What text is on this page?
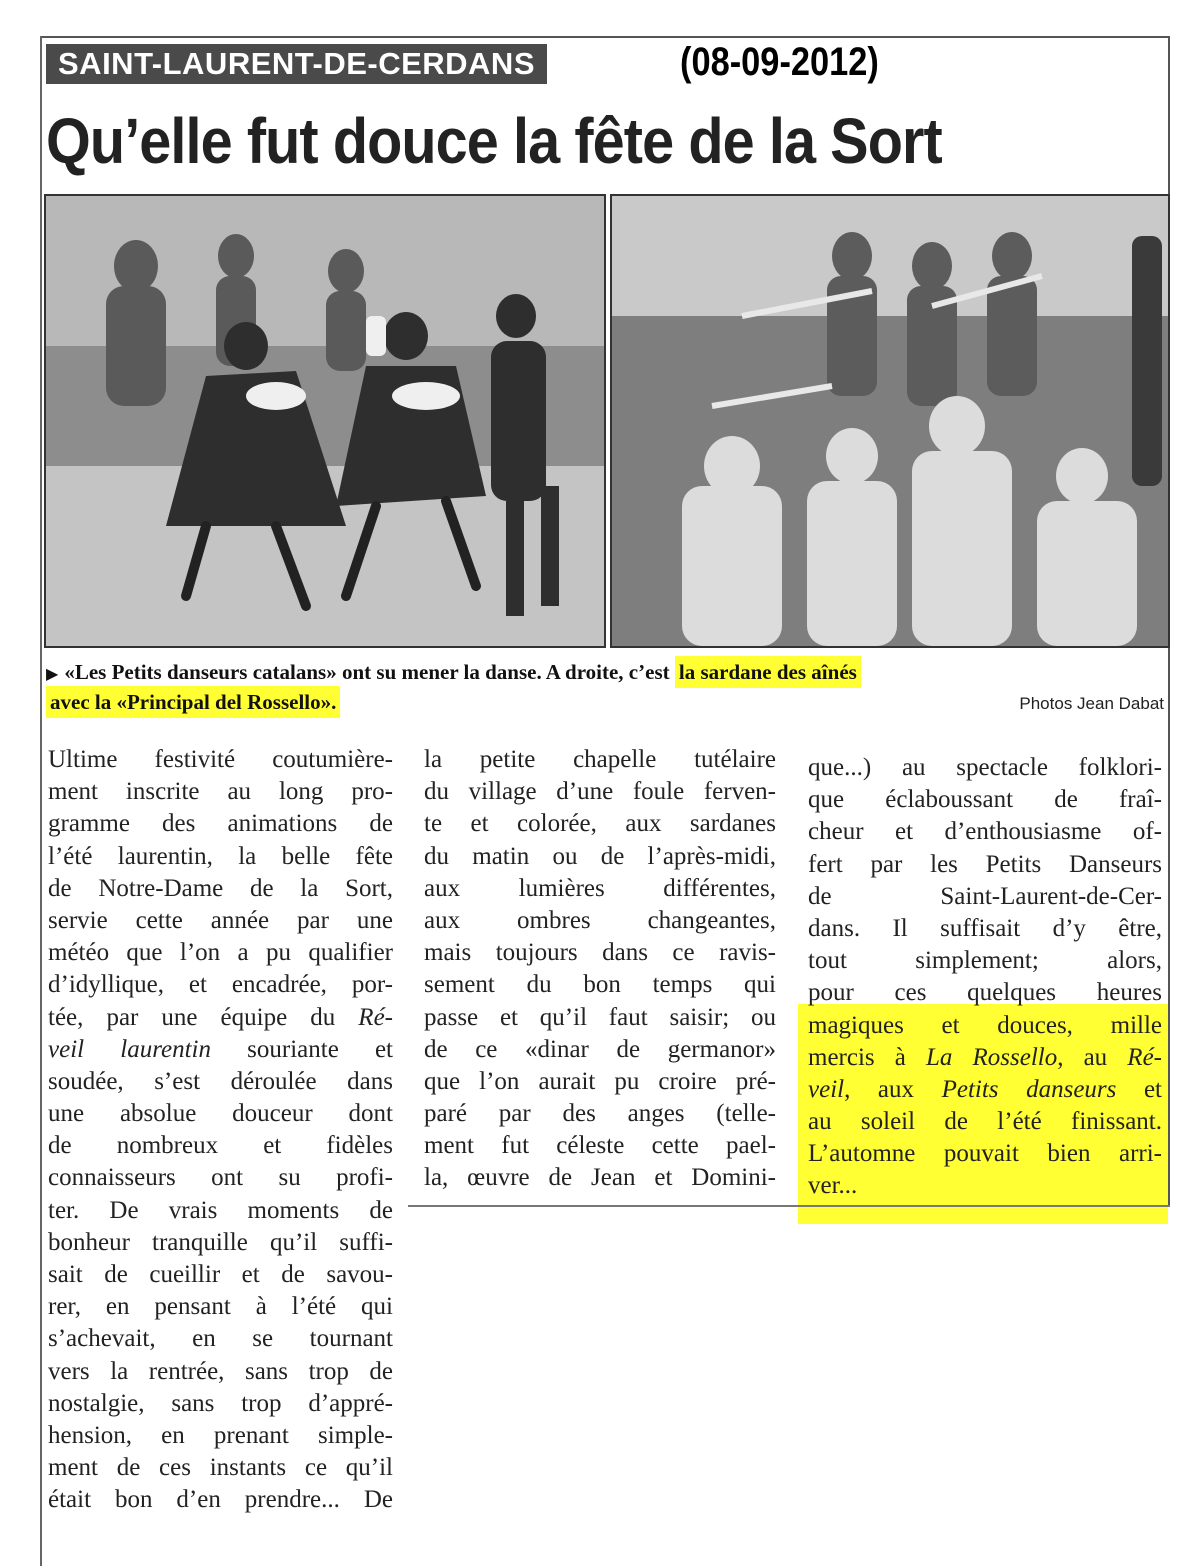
SAINT-LAURENT-DE-CERDANS	(08-09-2012)
Qu’elle fut douce la fête de la Sort
▶ «Les Petits danseurs catalans» ont su mener la danse. A droite, c’est la sardane des aînés
avec la «Principal del Rossello».	Photos Jean Dabat
Ultime festivité coutumière-
ment inscrite au long pro-
gramme des animations de
l’été laurentin, la belle fête
de Notre-Dame de la Sort,
servie cette année par une
météo que l’on a pu qualifier
d’idyllique, et encadrée, por-
tée, par une équipe du Ré-
veil laurentin souriante et
soudée, s’est déroulée dans
une absolue douceur dont
de nombreux et fidèles
connaisseurs ont su profi-
ter. De vrais moments de
bonheur tranquille qu’il suffi-
sait de cueillir et de savou-
rer, en pensant à l’été qui
s’achevait, en se tournant
vers la rentrée, sans trop de
nostalgie, sans trop d’appré-
hension, en prenant simple-
ment de ces instants ce qu’il
était bon d’en prendre... De
la petite chapelle tutélaire
du village d’une foule ferven-
te et colorée, aux sardanes
du matin ou de l’après-midi,
aux lumières différentes,
aux ombres changeantes,
mais toujours dans ce ravis-
sement du bon temps qui
passe et qu’il faut saisir; ou
de ce «dinar de germanor»
que l’on aurait pu croire pré-
paré par des anges (telle-
ment fut céleste cette pael-
la, œuvre de Jean et Domini-
que...) au spectacle folklori-
que éclaboussant de fraî-
cheur et d’enthousiasme of-
fert par les Petits Danseurs
de Saint-Laurent-de-Cer-
dans. Il suffisait d’y être,
tout simplement; alors,
pour ces quelques heures
magiques et douces, mille
mercis à La Rossello, au Ré-
veil, aux Petits danseurs et
au soleil de l’été finissant.
L’automne pouvait bien arri-
ver...
